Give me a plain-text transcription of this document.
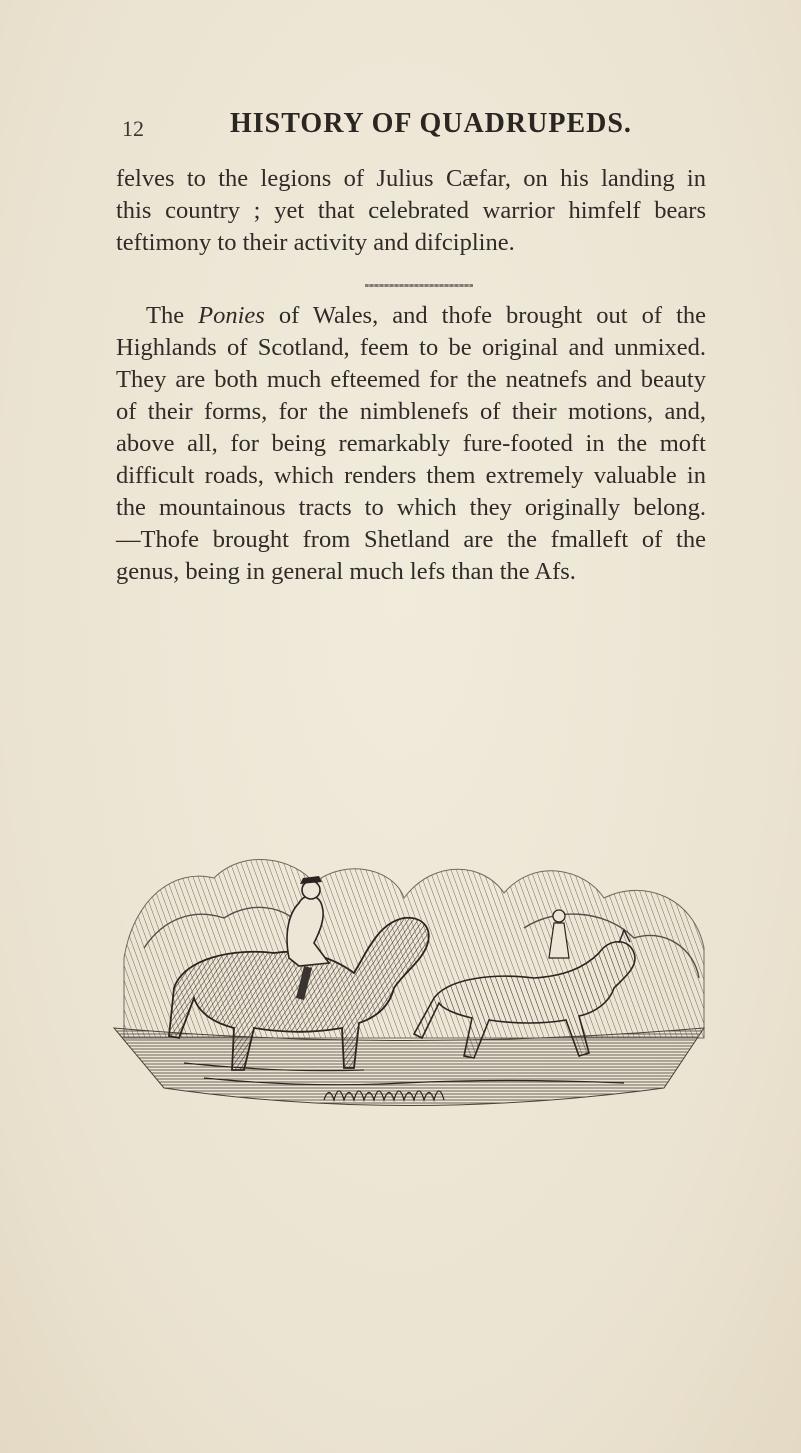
12	HISTORY OF QUADRUPEDS.
felves to the legions of Julius Cæfar, on his landing in
this country ; yet that celebrated warrior himfelf bears
teftimony to their activity and difcipline.
The Ponies of Wales, and thofe brought out of the
Highlands of Scotland, feem to be original and unmixed.
They are both much efteemed for the neatnefs and beauty
of their forms, for the nimblenefs of their motions, and,
above all, for being remarkably fure-footed in the moft
difficult roads, which renders them extremely valuable in
the mountainous tracts to which they originally belong.
—Thofe brought from Shetland are the fmalleft of the
genus, being in general much lefs than the Afs.
